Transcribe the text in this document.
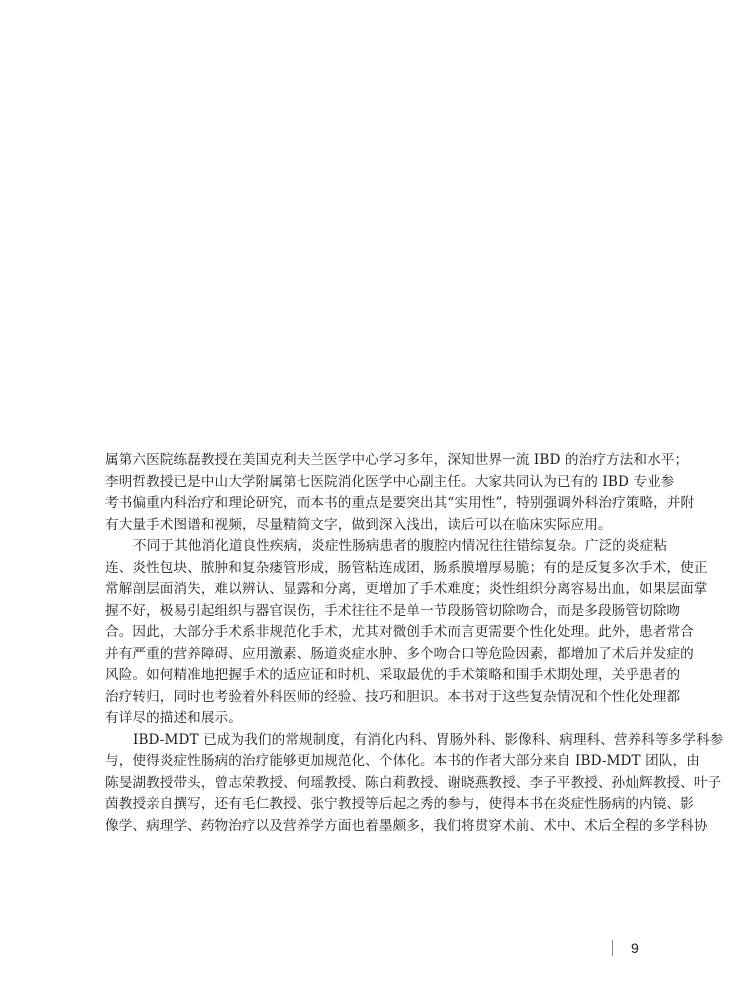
属第六医院练磊教授在美国克利夫兰医学中心学习多年，深知世界一流 IBD 的治疗方法和水平；
李明哲教授已是中山大学附属第七医院消化医学中心副主任。大家共同认为已有的 IBD 专业参
考书偏重内科治疗和理论研究，而本书的重点是要突出其“实用性”，特别强调外科治疗策略，并附
有大量手术图谱和视频，尽量精简文字，做到深入浅出，读后可以在临床实际应用。
不同于其他消化道良性疾病，炎症性肠病患者的腹腔内情况往往错综复杂。广泛的炎症粘
连、炎性包块、脓肿和复杂瘘管形成，肠管粘连成团，肠系膜增厚易脆；有的是反复多次手术，使正
常解剖层面消失，难以辨认、显露和分离，更增加了手术难度；炎性组织分离容易出血，如果层面掌
握不好，极易引起组织与器官误伤，手术往往不是单一节段肠管切除吻合，而是多段肠管切除吻
合。因此，大部分手术系非规范化手术，尤其对微创手术而言更需要个性化处理。此外，患者常合
并有严重的营养障碍、应用激素、肠道炎症水肿、多个吻合口等危险因素，都增加了术后并发症的
风险。如何精准地把握手术的适应证和时机、采取最优的手术策略和围手术期处理，关乎患者的
治疗转归，同时也考验着外科医师的经验、技巧和胆识。本书对于这些复杂情况和个性化处理都
有详尽的描述和展示。
IBD-MDT 已成为我们的常规制度，有消化内科、胃肠外科、影像科、病理科、营养科等多学科参
与，使得炎症性肠病的治疗能够更加规范化、个体化。本书的作者大部分来自 IBD-MDT 团队，由
陈旻湖教授带头，曾志荣教授、何瑶教授、陈白莉教授、谢晓燕教授、李子平教授、孙灿辉教授、叶子
茵教授亲自撰写，还有毛仁教授、张宁教授等后起之秀的参与，使得本书在炎症性肠病的内镜、影
像学、病理学、药物治疗以及营养学方面也着墨颇多，我们将贯穿术前、术中、术后全程的多学科协
9
